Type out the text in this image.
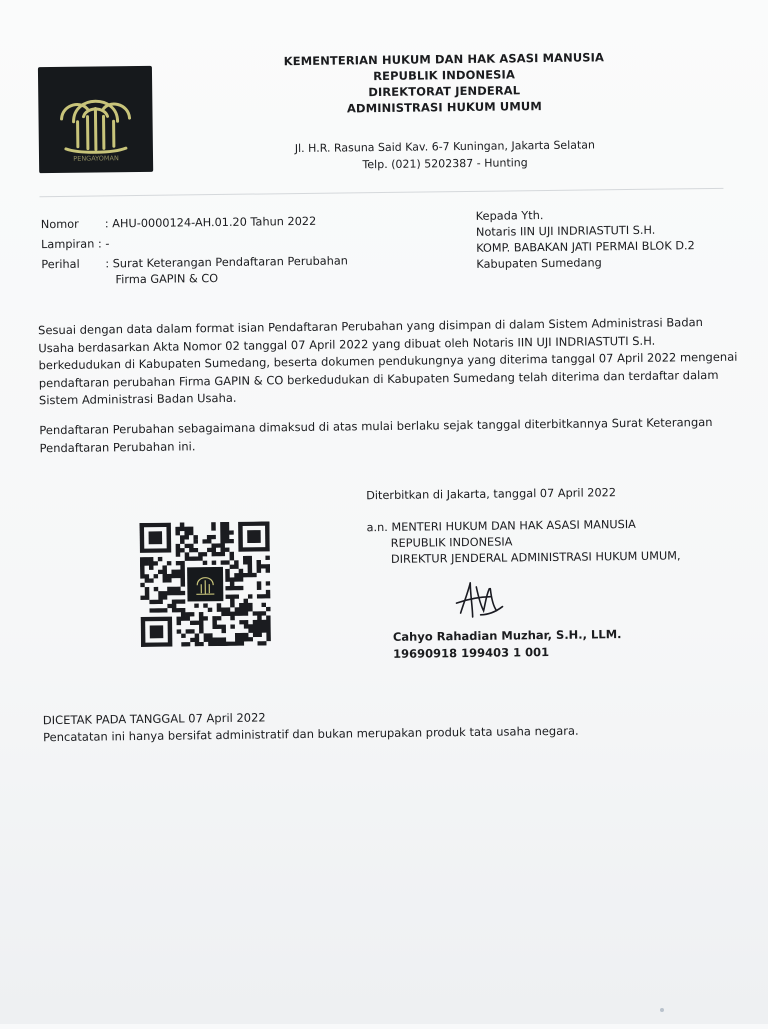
PENGAYOMAN
KEMENTERIAN HUKUM DAN HAK ASASI MANUSIA
REPUBLIK INDONESIA
DIREKTORAT JENDERAL
ADMINISTRASI HUKUM UMUM
Jl. H.R. Rasuna Said Kav. 6-7 Kuningan, Jakarta Selatan
Telp. (021) 5202387 - Hunting
Nomor	: AHU-0000124-AH.01.20 Tahun 2022
Lampiran
: -
Perihal	: Surat Keterangan Pendaftaran Perubahan
Firma GAPIN & CO
Kepada Yth.
Notaris IIN UJI INDRIASTUTI S.H.
KOMP. BABAKAN JATI PERMAI BLOK D.2
Kabupaten Sumedang
Sesuai dengan data dalam format isian Pendaftaran Perubahan yang disimpan di dalam Sistem Administrasi Badan Usaha berdasarkan Akta Nomor 02 tanggal 07 April 2022 yang dibuat oleh Notaris IIN UJI INDRIASTUTI S.H. berkedudukan di Kabupaten Sumedang, beserta dokumen pendukungnya yang diterima tanggal 07 April 2022 mengenai pendaftaran perubahan Firma GAPIN & CO berkedudukan di Kabupaten Sumedang telah diterima dan terdaftar dalam Sistem Administrasi Badan Usaha.
Pendaftaran Perubahan sebagaimana dimaksud di atas mulai berlaku sejak tanggal diterbitkannya Surat Keterangan Pendaftaran Perubahan ini.
Diterbitkan di Jakarta, tanggal 07 April 2022
a.n. MENTERI HUKUM DAN HAK ASASI MANUSIA
REPUBLIK INDONESIA
DIREKTUR JENDERAL ADMINISTRASI HUKUM UMUM,
Cahyo Rahadian Muzhar, S.H., LLM.
19690918 199403 1 001
DICETAK PADA TANGGAL 07 April 2022
Pencatatan ini hanya bersifat administratif dan bukan merupakan produk tata usaha negara.
